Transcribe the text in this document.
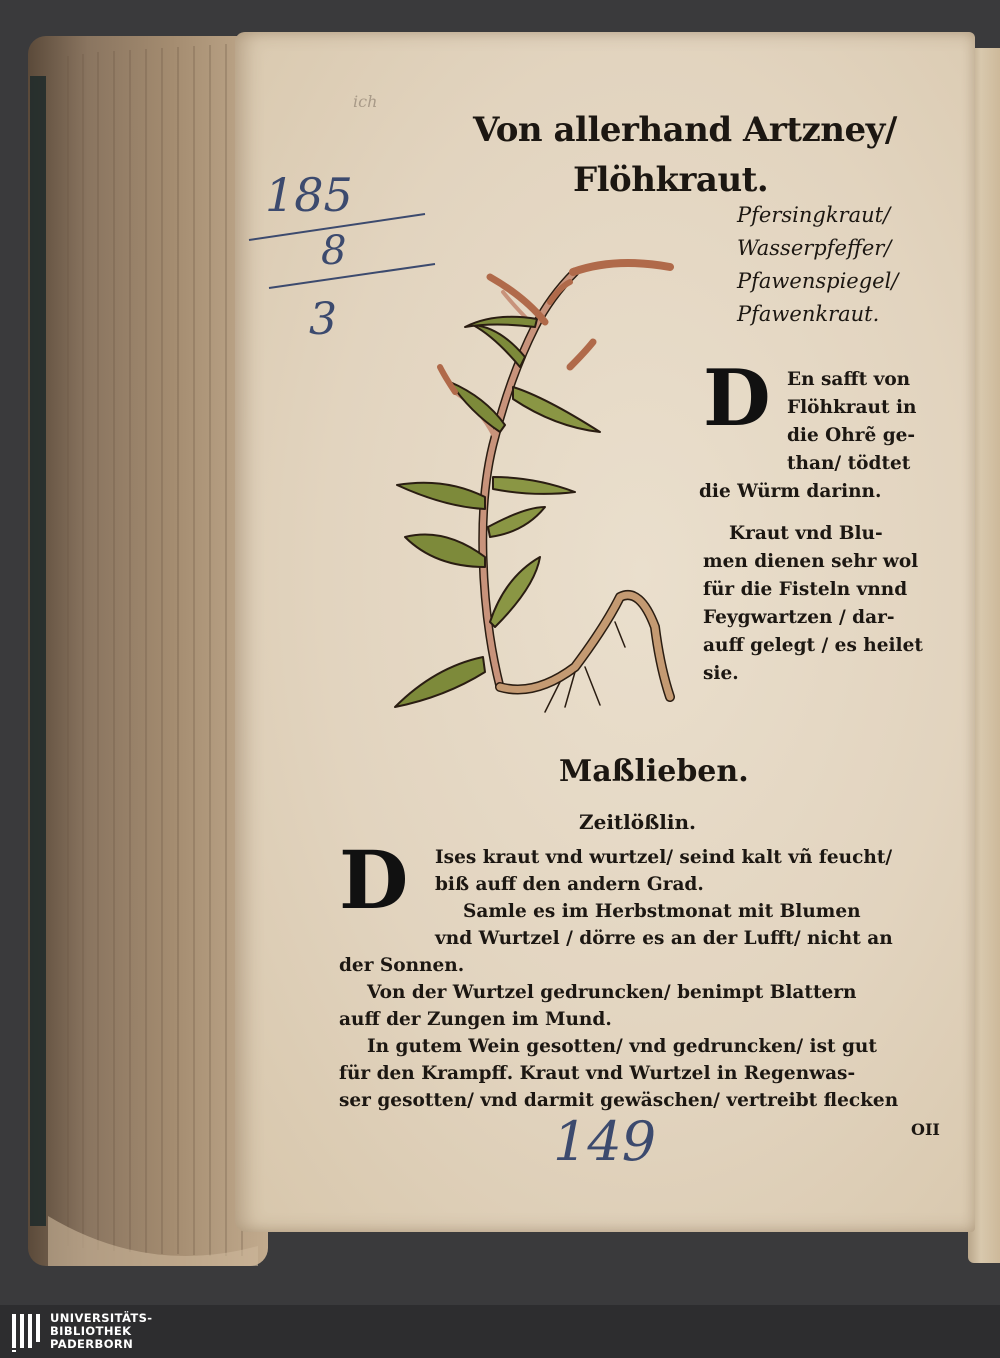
ich

Von allerhand Artzney/

Flöhkraut.

Pfersingkraut/

Wasserpfeffer/

Pfawenspiegel/

Pfawenkraut.

D En safft von

Flöhkraut in

die Ohrẽ ge-

than/ tödtet

die Würm darinn.

Kraut vnd Blu-

men dienen sehr wol

für die Fisteln vnnd

Feygwartzen / dar-

auff gelegt / es heilet

sie.

Maßlieben.

Zeitlößlin.

D Ises kraut vnd wurtzel/ seind kalt vñ feucht/

biß auff den andern Grad.

Samle es im Herbstmonat mit Blumen

vnd Wurtzel / dörre es an der Lufft/ nicht an

der Sonnen.

Von der Wurtzel gedruncken/ benimpt Blattern

auff der Zungen im Mund.

In gutem Wein gesotten/ vnd gedruncken/ ist gut

für den Krampff. Kraut vnd Wurtzel in Regenwas-

ser gesotten/ vnd darmit gewäschen/ vertreibt flecken

OII

185

8

3

149

UNIVERSITÄTS-
BIBLIOTHEK
PADERBORN
